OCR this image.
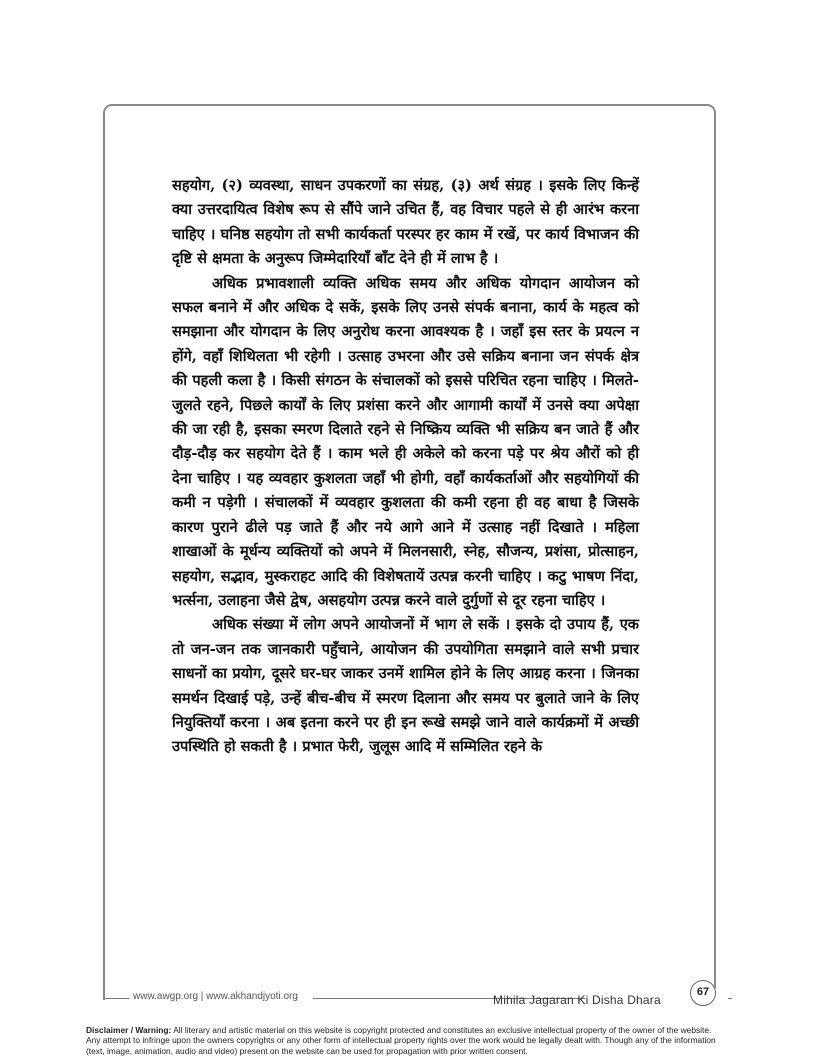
सहयोग, (२) व्यवस्था, साधन उपकरणों का संग्रह, (३) अर्थ संग्रह । इसके लिए किन्हें क्या उत्तरदायित्व विशेष रूप से सौंपे जाने उचित हैं, वह विचार पहले से ही आरंभ करना चाहिए । घनिष्ठ सहयोग तो सभी कार्यकर्ता परस्पर हर काम में रखें, पर कार्य विभाजन की दृष्टि से क्षमता के अनुरूप जिम्मेदारियाँ बाँट देने ही में लाभ है ।

अधिक प्रभावशाली व्यक्ति अधिक समय और अधिक योगदान आयोजन को सफल बनाने में और अधिक दे सकें, इसके लिए उनसे संपर्क बनाना, कार्य के महत्व को समझाना और योगदान के लिए अनुरोध करना आवश्यक है । जहाँ इस स्तर के प्रयत्न न होंगे, वहाँ शिथिलता भी रहेगी । उत्साह उभरना और उसे सक्रिय बनाना जन संपर्क क्षेत्र की पहली कला है । किसी संगठन के संचालकों को इससे परिचित रहना चाहिए । मिलते-जुलते रहने, पिछले कार्यों के लिए प्रशंसा करने और आगामी कार्यों में उनसे क्या अपेक्षा की जा रही है, इसका स्मरण दिलाते रहने से निष्क्रिय व्यक्ति भी सक्रिय बन जाते हैं और दौड़-दौड़ कर सहयोग देते हैं । काम भले ही अकेले को करना पड़े पर श्रेय औरों को ही देना चाहिए । यह व्यवहार कुशलता जहाँ भी होगी, वहाँ कार्यकर्ताओं और सहयोगियों की कमी न पड़ेगी । संचालकों में व्यवहार कुशलता की कमी रहना ही वह बाधा है जिसके कारण पुराने ढीले पड़ जाते हैं और नये आगे आने में उत्साह नहीं दिखाते । महिला शाखाओं के मूर्धन्य व्यक्तियों को अपने में मिलनसारी, स्नेह, सौजन्य, प्रशंसा, प्रोत्साहन, सहयोग, सद्भाव, मुस्कराहट आदि की विशेषतायें उत्पन्न करनी चाहिए । कटु भाषण निंदा, भर्त्सना, उलाहना जैसे द्वेष, असहयोग उत्पन्न करने वाले दुर्गुणों से दूर रहना चाहिए ।

अधिक संख्या में लोग अपने आयोजनों में भाग ले सकें । इसके दो उपाय हैं, एक तो जन-जन तक जानकारी पहुँचाने, आयोजन की उपयोगिता समझाने वाले सभी प्रचार साधनों का प्रयोग, दूसरे घर-घर जाकर उनमें शामिल होने के लिए आग्रह करना । जिनका समर्थन दिखाई पड़े, उन्हें बीच-बीच में स्मरण दिलाना और समय पर बुलाते जाने के लिए नियुक्तियाँ करना । अब इतना करने पर ही इन रूखे समझे जाने वाले कार्यक्रमों में अच्छी उपस्थिति हो सकती है । प्रभात फेरी, जुलूस आदि में सम्मिलित रहने के

www.awgp.org | www.akhandjyoti.org	Mihila Jagaran Ki Disha Dhara
67
Disclaimer / Warning: All literary and artistic material on this website is copyright protected and constitutes an exclusive intellectual property of the owner of the website. Any attempt to infringe upon the owners copyrights or any other form of intellectual property rights over the work would be legally dealt with. Though any of the information (text, image, animation, audio and video) present on the website can be used for propagation with prior written consent.
